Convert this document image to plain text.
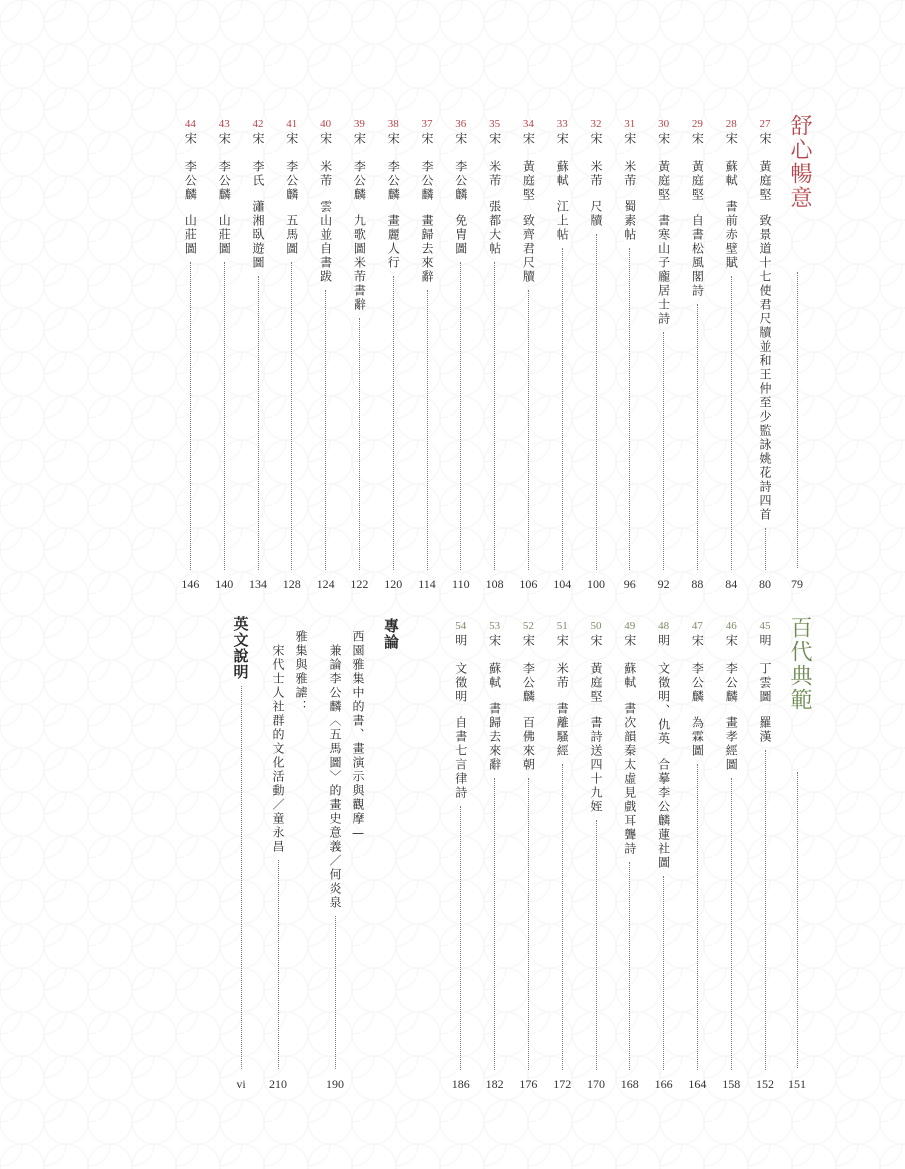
舒心暢意
百代典範
79
151
27
宋
黃庭堅
致景道十七使君尺牘並和王仲至少監詠姚花詩四首
80
28
宋
蘇軾
書前赤壁賦
84
29
宋
黃庭堅
自書松風閣詩
88
30
宋
黃庭堅
書寒山子龐居士詩
92
31
宋
米芾
蜀素帖
96
32
宋
米芾
尺牘
100
33
宋
蘇軾
江上帖
104
34
宋
黃庭堅
致齊君尺牘
106
35
宋
米芾
張都大帖
108
36
宋
李公麟
免胄圖
110
37
宋
李公麟
畫歸去來辭
114
38
宋
李公麟
畫麗人行
120
39
宋
李公麟
九歌圖米芾書辭
122
40
宋
米芾
雲山並自書跋
124
41
宋
李公麟
五馬圖
128
42
宋
李氏
瀟湘臥遊圖
134
43
宋
李公麟
山莊圖
140
44
宋
李公麟
山莊圖
146
45
明
丁雲圖
羅漢
152
46
宋
李公麟
畫孝經圖
158
47
宋
李公麟
為霖圖
164
48
明
文徵明、仇英
合摹李公麟蓮社圖
166
49
宋
蘇軾
書次韻秦太虛見戲耳聾詩
168
50
宋
黃庭堅
書詩送四十九姪
170
51
宋
米芾
書離騷經
172
52
宋
李公麟
百佛來朝
176
53
宋
蘇軾
書歸去來辭
182
54
明
文徵明
自書七言律詩
186
專論
西園雅集中的書、畫演示與觀摩—
兼論李公麟〈五馬圖〉的畫史意義／何炎泉
190
雅集與雅謔：
宋代士人社群的文化活動／童永昌
210
英文說明
vi
